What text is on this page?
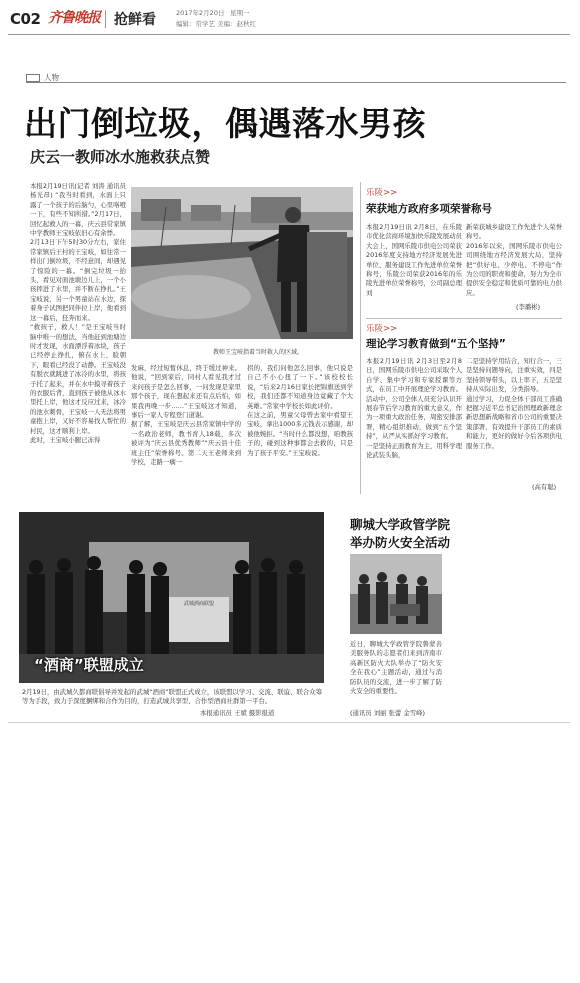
C02 齐鲁晚报 抢鲜看	2017年2月20日 星期一
编辑：常学艺 美编：赵秋红
人物
出门倒垃圾，偶遇落水男孩
庆云一教师冰水施救获点赞
本报2月19日讯(记者 刘涛 通讯员 杨光昂) “我当时看到，水面上只露了一个孩子的后脑勺，心里咯噔一下，有些不知所措。”2月17日，回忆起救人的一幕，庆云县常家镇中学教师王宝岐依旧心有余悸。
2月13日下午5时30分左右，家住常家镇后王村的王宝岐，如往常一样出门倒垃圾，不经意间，却遇见了惊险的一幕。“倒完垃圾一抬头，看见对面池塘边儿上，一个小孩摔进了水里，并不断在挣扎。”王宝岐说，另一个男童站在水边，探着身子试图把同伴拉上岸，他看到这一幕后，狂奔而来。
“救孩子，救人！”是王宝岐当时脑中唯一的想法，当他赶到池塘边时才发现，水面漂浮着冰块，孩子已经停止挣扎，俯在水上，脸朝下，眼看已经没了动静。王宝岐没有脱衣就跳进了冰冷的水里，将孩子托了起来，并在水中摸寻着孩子的衣服后背，直到孩子被他从冰水里托上岸，他这才反应过来，冰冷的池水刺骨，王宝岐一人无法将男童抱上岸，又好不容易找人帮忙的村民，这才顺利上岸。
此时，王宝岐小腿已冻得
教师王宝岐指着当时救人的区域。
发麻，经过短暂休息，终于缓过神来。他说，“回到家后，同村人看见我才过来问孩子是怎么回事，一问发现是家里那个孩子，现在想起来还有点后怕，如果我再晚一步……”王宝岐这才知道，事后一家人专程登门道谢。
据了解，王宝岐是庆云县常家镇中学的一名政治老师，教书育人18载，多次被评为“庆云县优秀教师”“庆云县十佳班主任”荣誉称号。第二天王老师来到学校，走路一瘸一
拐的，我们问他怎么回事，他只说是自己不小心扭了一下。”该校校长说，“后来2月16日家长把锦旗送到学校，我们还都不知道身边竟藏了个大英雄。”常家中学校长如此评价。
在这之前，男童父母曾去家中看望王宝岐，拿出1000多元钱表示感谢，却被他婉拒。“当时什么都没想，咱教孩子的，碰到这种事都会去救的，只是为了孩子平安。”王宝岐说。
乐陵>>
荣获地方政府多项荣誉称号
本报2月19日讯 2月8日，在乐陵市优化营商环境加快乐陵发展动员大会上，国网乐陵市供电公司荣获2016年度支持地方经济发展先进单位、服务建设工作先进单位荣誉称号，乐陵公司荣获2016年的乐陵先进单位荣誉称号，公司副总理刘
新荣获城乡建设工作先进个人荣誉称号。
2016年以来，国网乐陵市供电公司围绕地方经济发展大局，坚持把“供好电、少停电、不停电”作为公司的职责和使命，努力为全市提供安全稳定和优质可靠的电力供应。
(李璐彬)
乐陵>>
理论学习教育做到“五个坚持”
本报2月19日讯 2月3日至2月8日，国网乐陵市供电公司采取个人自学、集中学习和专家授课等方式，在员工中开展理论学习教育。活动中，公司全体人员充分认识开展春节后学习教育的重大意义，作为一项重大政治任务，周密安排部署，精心组织推动，做到“五个坚持”，从严从实抓好学习教育。
一是坚持正面教育为主，用科学理论武装头脑，
二是坚持学用结合，知行合一，三是坚持问题导向，注重实效，四是坚持领导带头，以上率下，五是坚持从实际出发，分类指导。
通过学习，力促全体干部员工准确把握习近平总书记治国理政新理念新思想新战略和省市公司的重要决策部署，有效提升干部员工的素质和能力，更好的做好今后各项供电服务工作。
(高有聪)
武城酒商联盟
“酒商”联盟成立
2月19日，由武城久都商联倡导并发起的武城“酒商”联盟正式成立，该联盟以学习、交流、联谊、联合众筹等为手段，致力于深度捆绑和合作为目的，打造武城共享型、合作型酒商社群第一平台。
本报通讯员 王斌 摄影报道
聊城大学政管学院
举办防火安全活动
近日，聊城大学政管学院鲁蒙善美服务队的志愿者们来到济南市高新区防火大队举办了“防火安全在我心”主题活动，通过与消防队员的交流，进一步了解了防火安全的重要性。
(通讯员 刘丽 张蕾 金雪峰)
